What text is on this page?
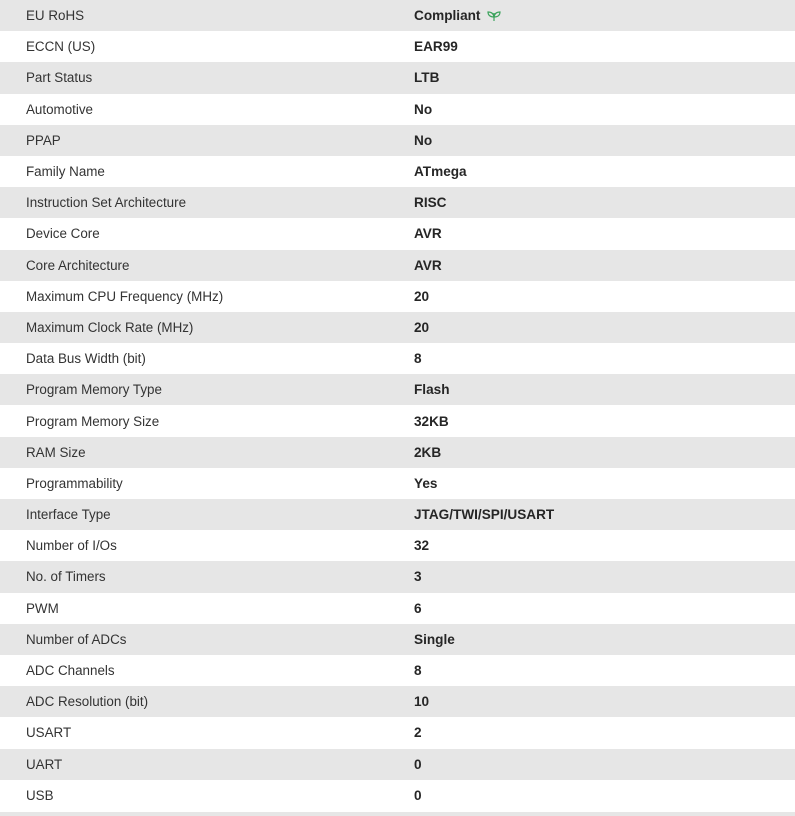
EU RoHS	Compliant
ECCN (US)	EAR99
Part Status	LTB
Automotive	No
PPAP	No
Family Name	ATmega
Instruction Set Architecture	RISC
Device Core	AVR
Core Architecture	AVR
Maximum CPU Frequency (MHz)	20
Maximum Clock Rate (MHz)	20
Data Bus Width (bit)	8
Program Memory Type	Flash
Program Memory Size	32KB
RAM Size	2KB
Programmability	Yes
Interface Type	JTAG/TWI/SPI/USART
Number of I/Os	32
No. of Timers	3
PWM	6
Number of ADCs	Single
ADC Channels	8
ADC Resolution (bit)	10
USART	2
UART	0
USB	0
